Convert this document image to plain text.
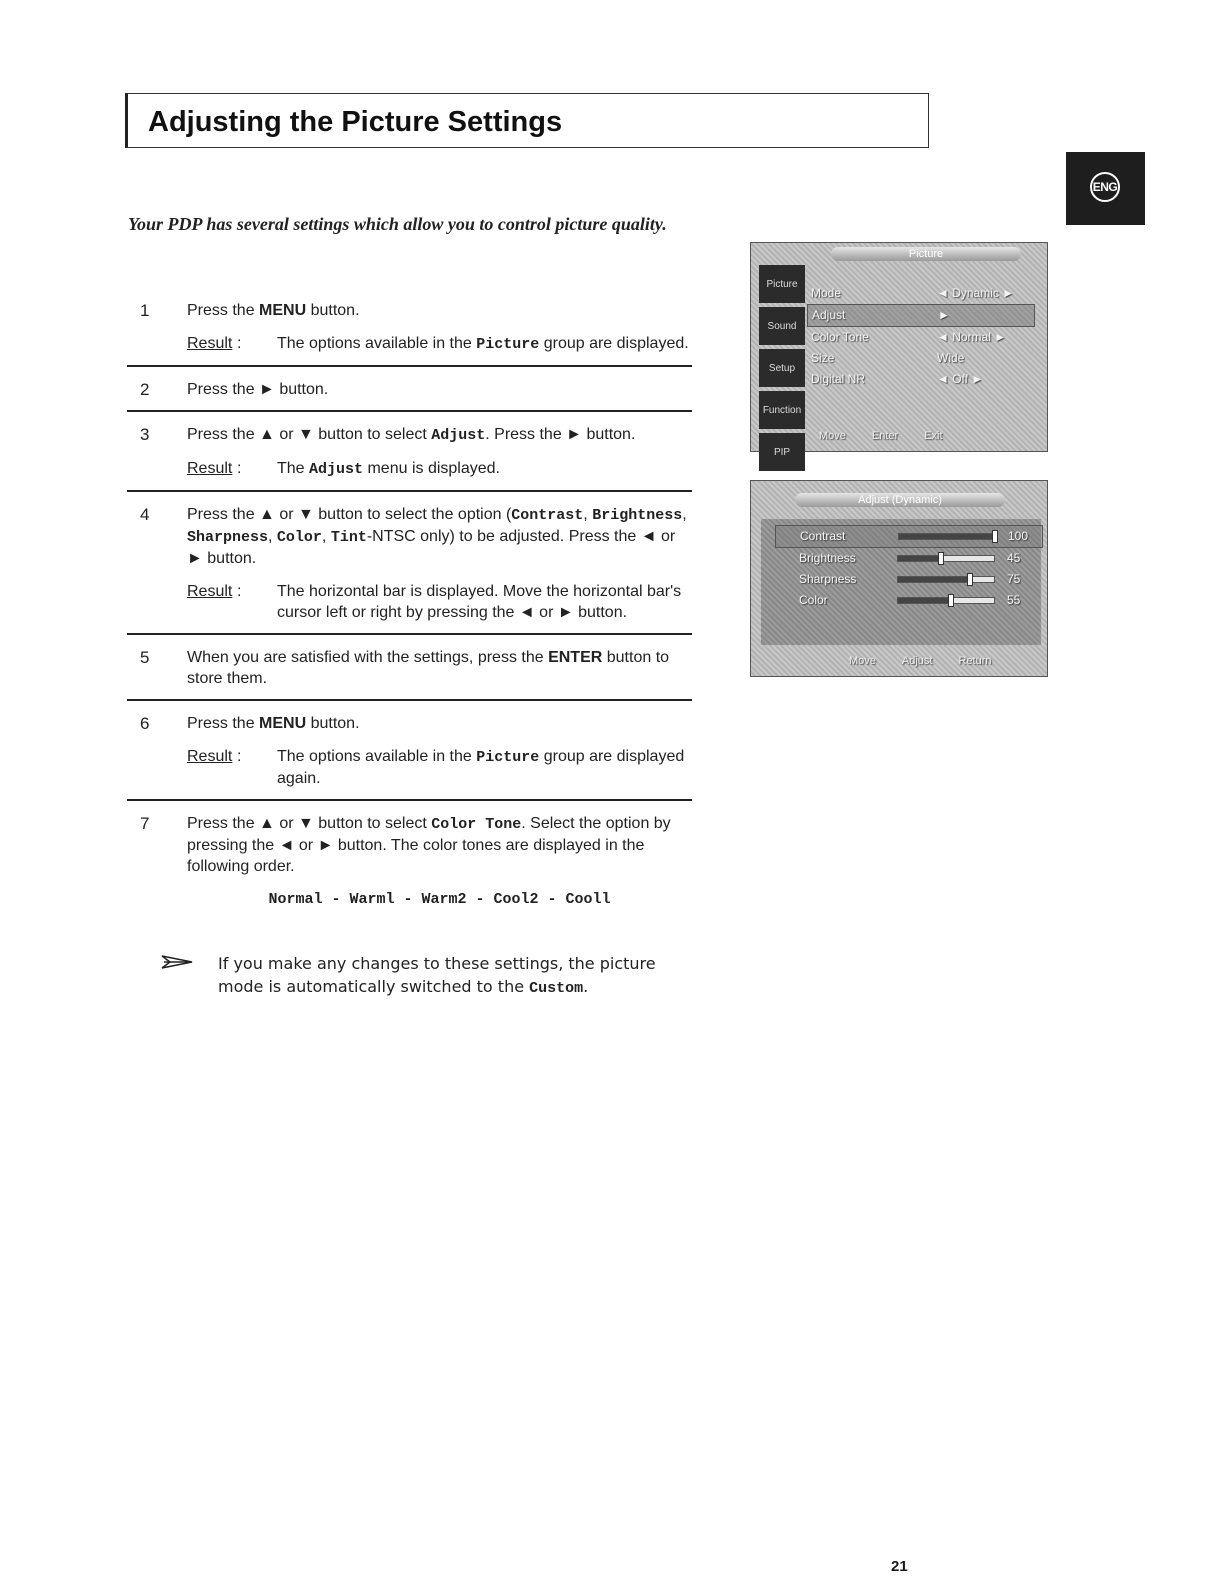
Adjusting the Picture Settings
ENG
Your PDP has several settings which allow you to control picture quality.
1 Press the MENU button.

Result : The options available in the Picture group are displayed.
2 Press the ► button.

3 Press the ▲ or ▼ button to select Adjust. Press the ► button.

Result : The Adjust menu is displayed.
4 Press the ▲ or ▼ button to select the option (Contrast, Brightness, Sharpness, Color, Tint-NTSC only) to be adjusted. Press the ◄ or ► button.

Result : The horizontal bar is displayed. Move the horizontal bar's cursor left or right by pressing the ◄ or ► button.
5 When you are satisfied with the settings, press the ENTER button to store them.

6 Press the MENU button.

Result : The options available in the Picture group are displayed again.
7 Press the ▲ or ▼ button to select Color Tone. Select the option by pressing the ◄ or ► button. The color tones are displayed in the following order.

Normal - Warml - Warm2 - Cool2 - Cooll

If you make any changes to these settings, the picture mode is automatically switched to the Custom.

Picture
Picture
Sound
Setup
Function
PIP
Mode	◄ Dynamic ►
Adjust	►
Color Tone	◄ Normal ►
Size	Wide
Digital NR	◄ Off ►
Move Enter Exit
Adjust (Dynamic)
Contrast	100
Brightness	45
Sharpness	75
Color	55
Move Adjust Return
21
